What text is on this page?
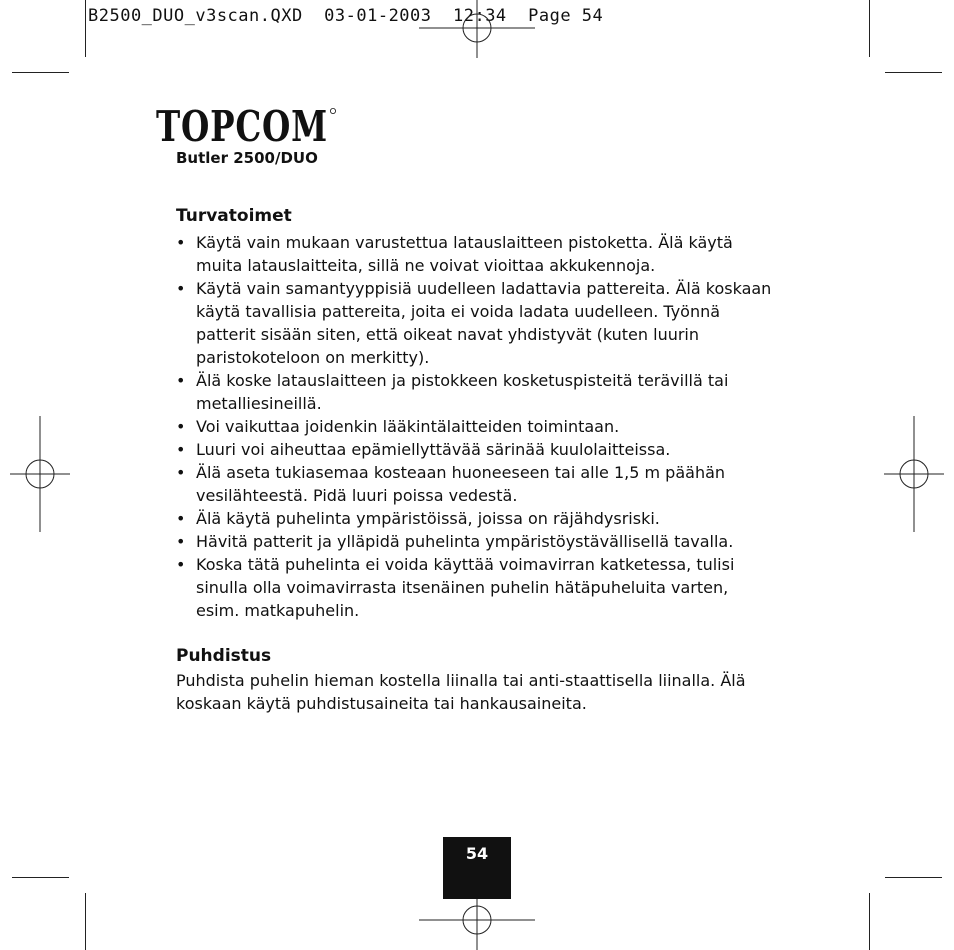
B2500_DUO_v3scan.QXD  03-01-2003  12:34  Page 54
TOPCOM
Butler 2500/DUO
Turvatoimet
• Käytä vain mukaan varustettua latauslaitteen pistoketta. Älä käytä muita latauslaitteita, sillä ne voivat vioittaa akkukennoja.
• Käytä vain samantyyppisiä uudelleen ladattavia pattereita. Älä koskaan käytä tavallisia pattereita, joita ei voida ladata uudelleen. Työnnä patterit sisään siten, että oikeat navat yhdistyvät (kuten luurin paristokoteloon on merkitty).
• Älä koske latauslaitteen ja pistokkeen kosketuspisteitä terävillä tai metalliesineillä.
• Voi vaikuttaa joidenkin lääkintälaitteiden toimintaan.
• Luuri voi aiheuttaa epämiellyttävää särinää kuulolaitteissa.
• Älä aseta tukiasemaa kosteaan huoneeseen tai alle 1,5 m päähän vesilähteestä. Pidä luuri poissa vedestä.
• Älä käytä puhelinta ympäristöissä, joissa on räjähdysriski.
• Hävitä patterit ja ylläpidä puhelinta ympäristöystävällisellä tavalla.
• Koska tätä puhelinta ei voida käyttää voimavirran katketessa, tulisi sinulla olla voimavirrasta itsenäinen puhelin hätäpuheluita varten, esim. matkapuhelin.
Puhdistus

Puhdista puhelin hieman kostella liinalla tai anti-staattisella liinalla. Älä koskaan käytä puhdistusaineita tai hankausaineita.

54
